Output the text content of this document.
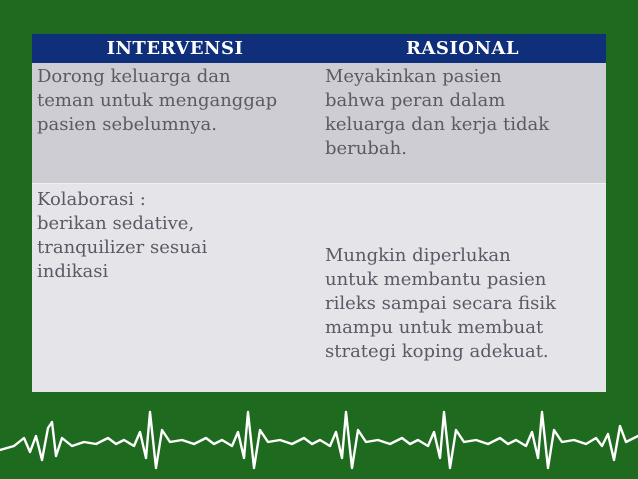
INTERVENSI	RASIONAL
Dorong keluarga dan
teman untuk menganggap
pasien sebelumnya.
Meyakinkan pasien
bahwa peran dalam
keluarga dan kerja tidak
berubah.
Kolaborasi :
berikan sedative,
tranquilizer sesuai
indikasi
Mungkin diperlukan
untuk membantu pasien
rileks sampai secara fisik
mampu untuk membuat
strategi koping adekuat.
